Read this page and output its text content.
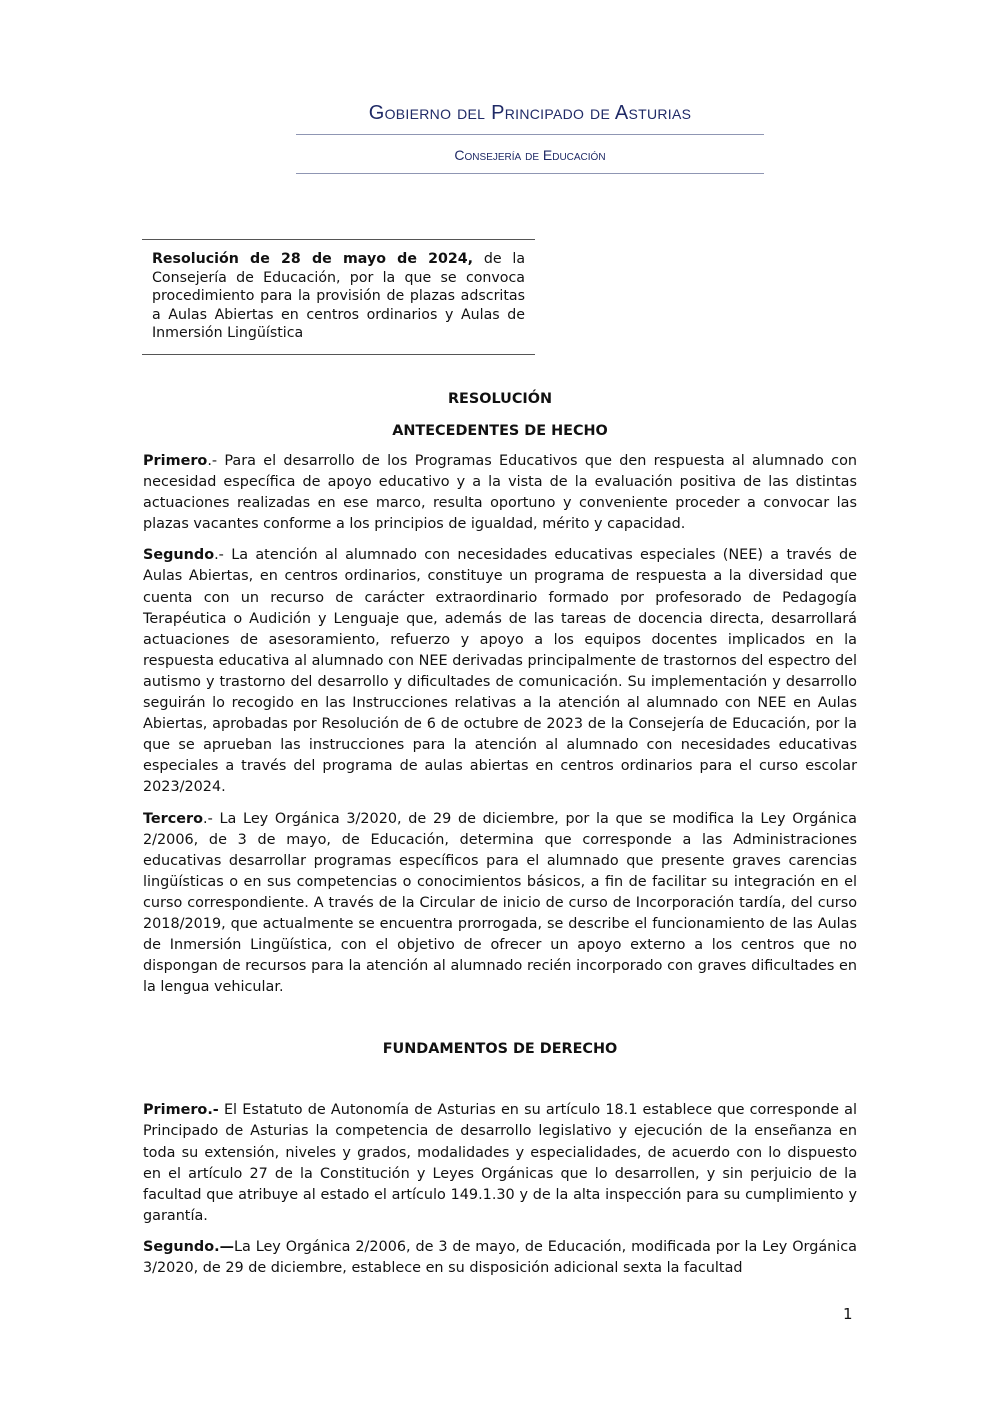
Gobierno del Principado de Asturias
Consejería de Educación
Resolución de 28 de mayo de 2024, de la Consejería de Educación, por la que se convoca procedimiento para la provisión de plazas adscritas a Aulas Abiertas en centros ordinarios y Aulas de Inmersión Lingüística
RESOLUCIÓN
ANTECEDENTES DE HECHO

Primero.- Para el desarrollo de los Programas Educativos que den respuesta al alumnado con necesidad específica de apoyo educativo y a la vista de la evaluación positiva de las distintas actuaciones realizadas en ese marco, resulta oportuno y conveniente proceder a convocar las plazas vacantes conforme a los principios de igualdad, mérito y capacidad.

Segundo.- La atención al alumnado con necesidades educativas especiales (NEE) a través de Aulas Abiertas, en centros ordinarios, constituye un programa de respuesta a la diversidad que cuenta con un recurso de carácter extraordinario formado por profesorado de Pedagogía Terapéutica o Audición y Lenguaje que, además de las tareas de docencia directa, desarrollará actuaciones de asesoramiento, refuerzo y apoyo a los equipos docentes implicados en la respuesta educativa al alumnado con NEE derivadas principalmente de trastornos del espectro del autismo y trastorno del desarrollo y dificultades de comunicación. Su implementación y desarrollo seguirán lo recogido en las Instrucciones relativas a la atención al alumnado con NEE en Aulas Abiertas, aprobadas por Resolución de 6 de octubre de 2023 de la Consejería de Educación, por la que se aprueban las instrucciones para la atención al alumnado con necesidades educativas especiales a través del programa de aulas abiertas en centros ordinarios para el curso escolar 2023/2024.

Tercero.- La Ley Orgánica 3/2020, de 29 de diciembre, por la que se modifica la Ley Orgánica 2/2006, de 3 de mayo, de Educación, determina que corresponde a las Administraciones educativas desarrollar programas específicos para el alumnado que presente graves carencias lingüísticas o en sus competencias o conocimientos básicos, a fin de facilitar su integración en el curso correspondiente. A través de la Circular de inicio de curso de Incorporación tardía, del curso 2018/2019, que actualmente se encuentra prorrogada, se describe el funcionamiento de las Aulas de Inmersión Lingüística, con el objetivo de ofrecer un apoyo externo a los centros que no dispongan de recursos para la atención al alumnado recién incorporado con graves dificultades en la lengua vehicular.

FUNDAMENTOS DE DERECHO

Primero.- El Estatuto de Autonomía de Asturias en su artículo 18.1 establece que corresponde al Principado de Asturias la competencia de desarrollo legislativo y ejecución de la enseñanza en toda su extensión, niveles y grados, modalidades y especialidades, de acuerdo con lo dispuesto en el artículo 27 de la Constitución y Leyes Orgánicas que lo desarrollen, y sin perjuicio de la facultad que atribuye al estado el artículo 149.1.30 y de la alta inspección para su cumplimiento y garantía.

Segundo.—La Ley Orgánica 2/2006, de 3 de mayo, de Educación, modificada por la Ley Orgánica 3/2020, de 29 de diciembre, establece en su disposición adicional sexta la facultad

1
